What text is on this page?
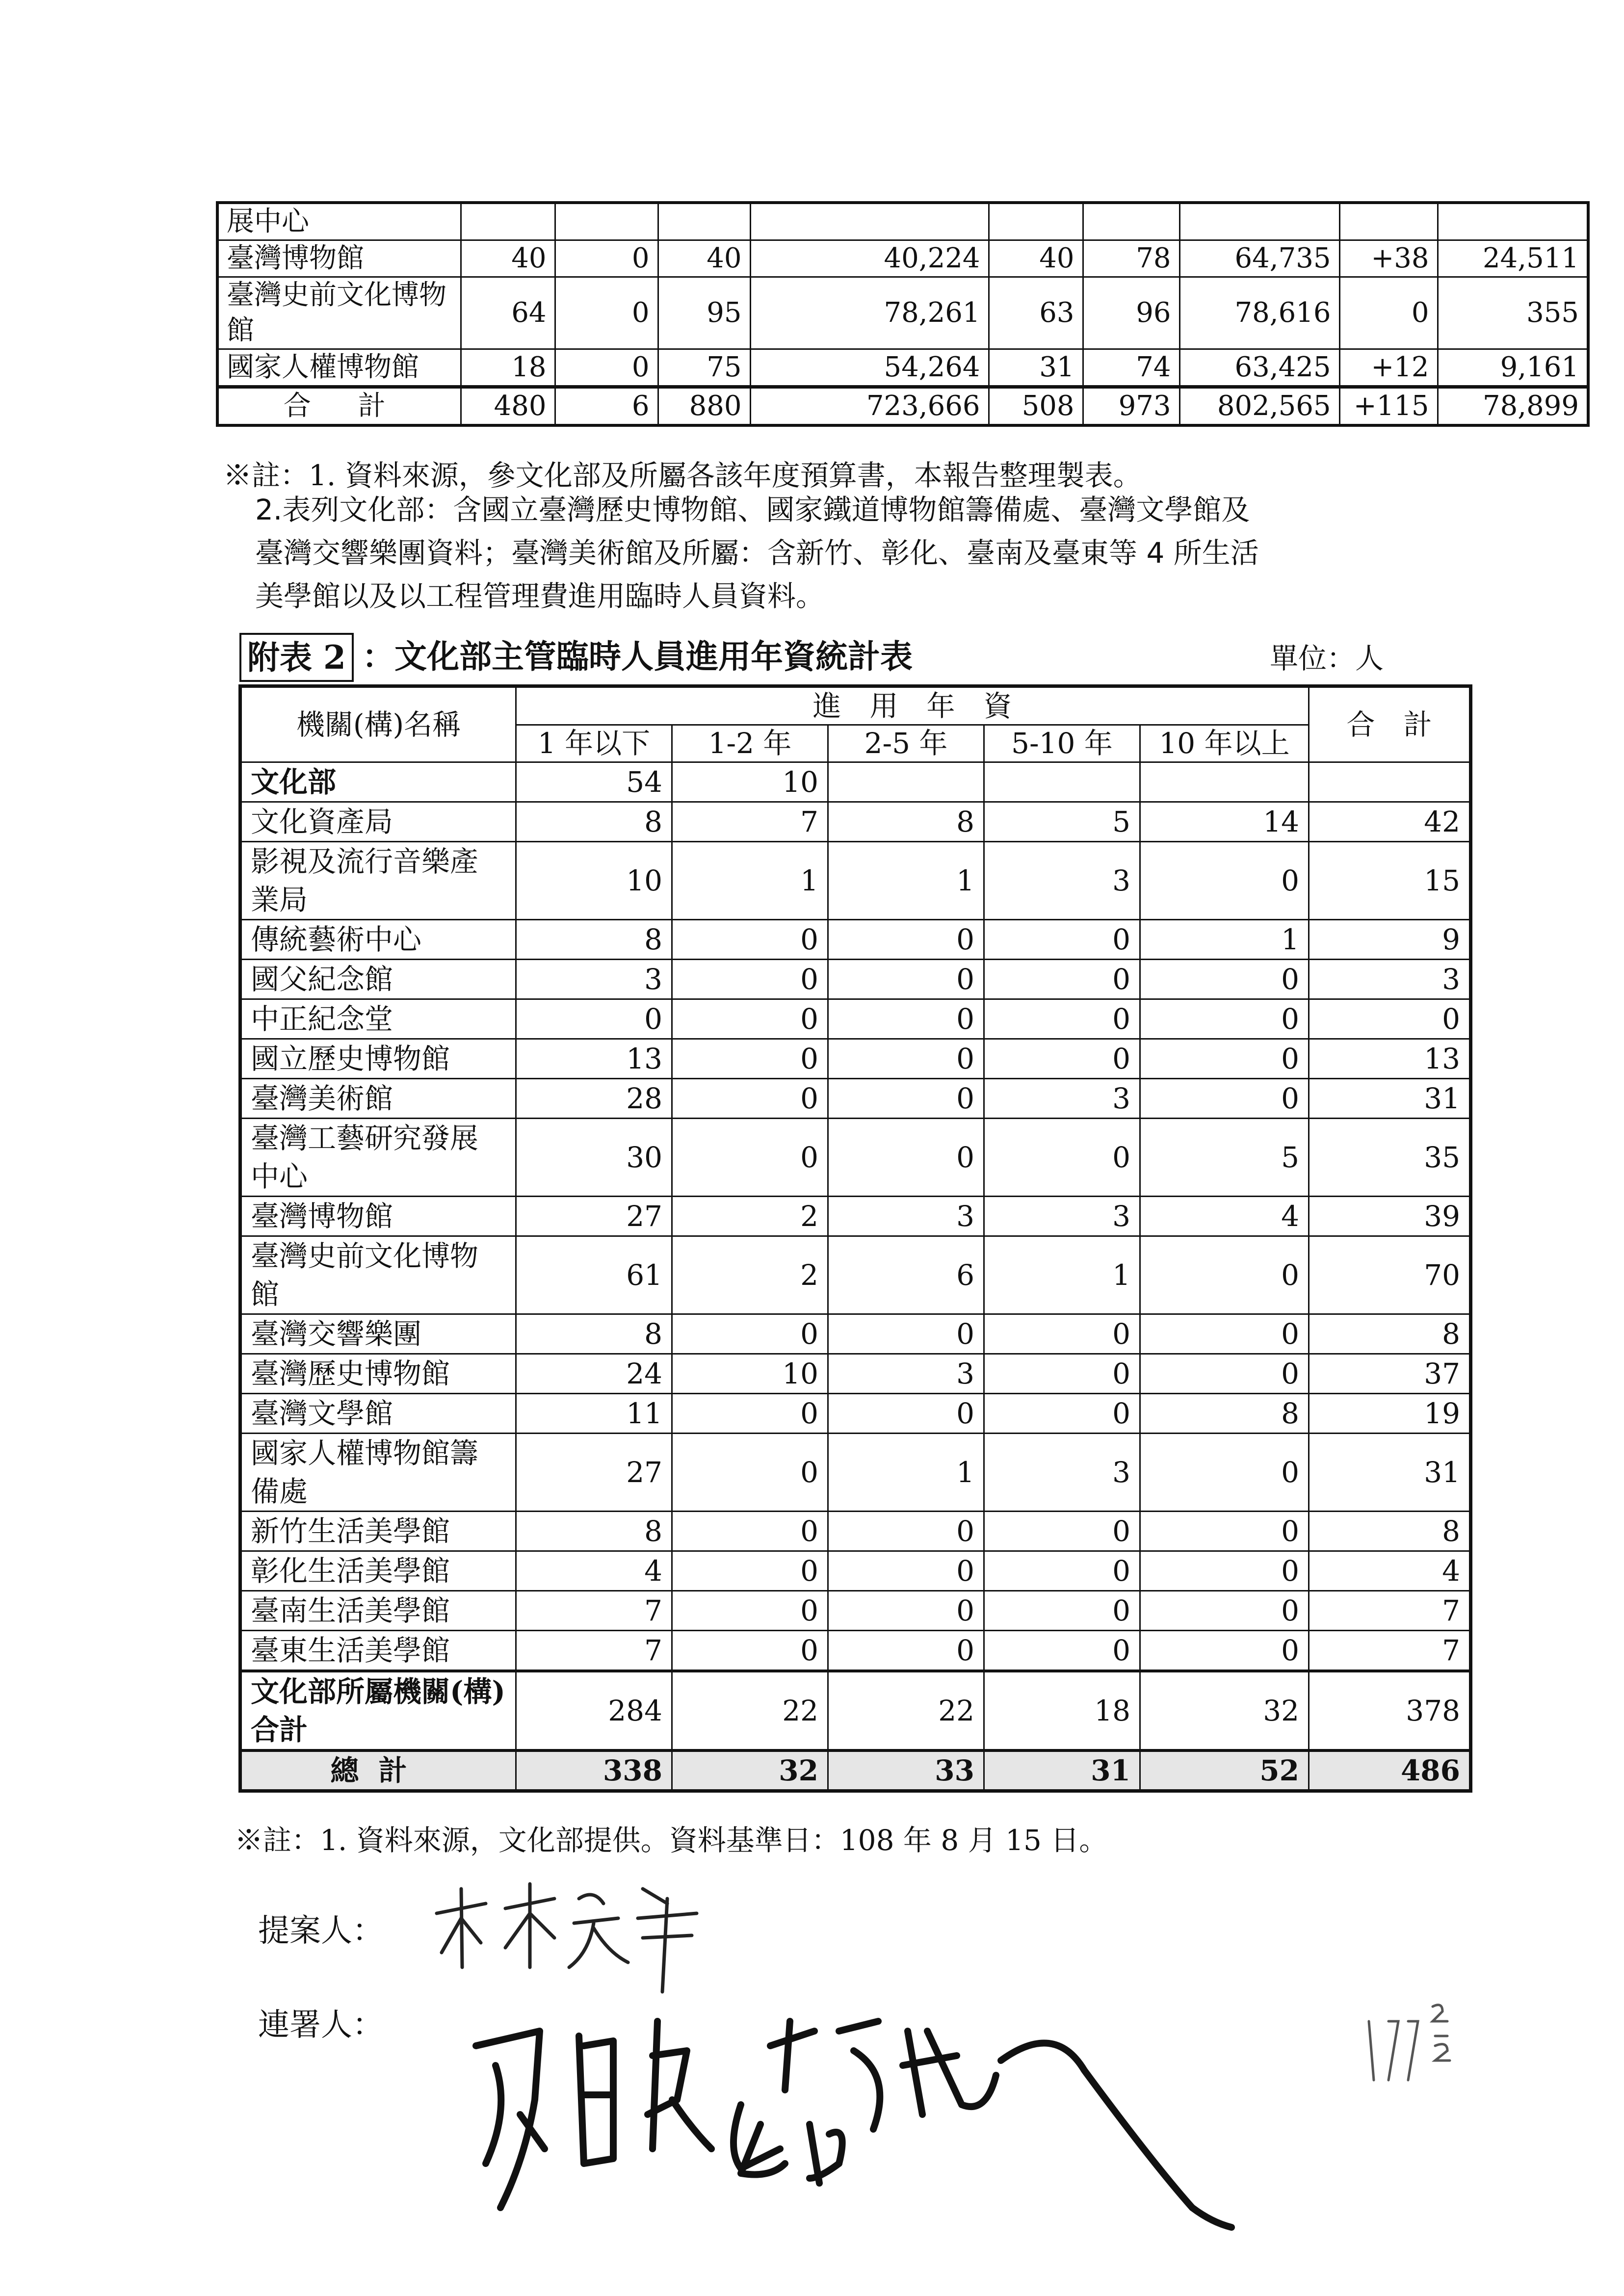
展中心									
臺灣博物館	40	0	40	40,224	40	78	64,735	+38	24,511
臺灣史前文化博物館	64	0	95	78,261	63	96	78,616	0	355
國家人權博物館	18	0	75	54,264	31	74	63,425	+12	9,161
合　計	480	6	880	723,666	508	973	802,565	+115	78,899
※註：1. 資料來源，參文化部及所屬各該年度預算書，本報告整理製表。
2.表列文化部：含國立臺灣歷史博物館、國家鐵道博物館籌備處、臺灣文學館及
臺灣交響樂團資料；臺灣美術館及所屬：含新竹、彰化、臺南及臺東等 4 所生活
美學館以及以工程管理費進用臨時人員資料。
附表 2 ：文化部主管臨時人員進用年資統計表	單位：人
機關(構)名稱	進　用　年　資					合　計
	1 年以下	1-2 年	2-5 年	5-10 年	10 年以上	
文化部	54	10				
文化資產局	8	7	8	5	14	42
影視及流行音樂產業局	10	1	1	3	0	15
傳統藝術中心	8	0	0	0	1	9
國父紀念館	3	0	0	0	0	3
中正紀念堂	0	0	0	0	0	0
國立歷史博物館	13	0	0	0	0	13
臺灣美術館	28	0	0	3	0	31
臺灣工藝研究發展中心	30	0	0	0	5	35
臺灣博物館	27	2	3	3	4	39
臺灣史前文化博物館	61	2	6	1	0	70
臺灣交響樂團	8	0	0	0	0	8
臺灣歷史博物館	24	10	3	0	0	37
臺灣文學館	11	0	0	0	8	19
國家人權博物館籌備處	27	0	1	3	0	31
新竹生活美學館	8	0	0	0	0	8
彰化生活美學館	4	0	0	0	0	4
臺南生活美學館	7	0	0	0	0	7
臺東生活美學館	7	0	0	0	0	7
文化部所屬機關(構)合計	284	22	22	18	32	378
總計	338	32	33	31	52	486
※註：1. 資料來源，文化部提供。資料基準日：108 年 8 月 15 日。
提案人：
連署人：
